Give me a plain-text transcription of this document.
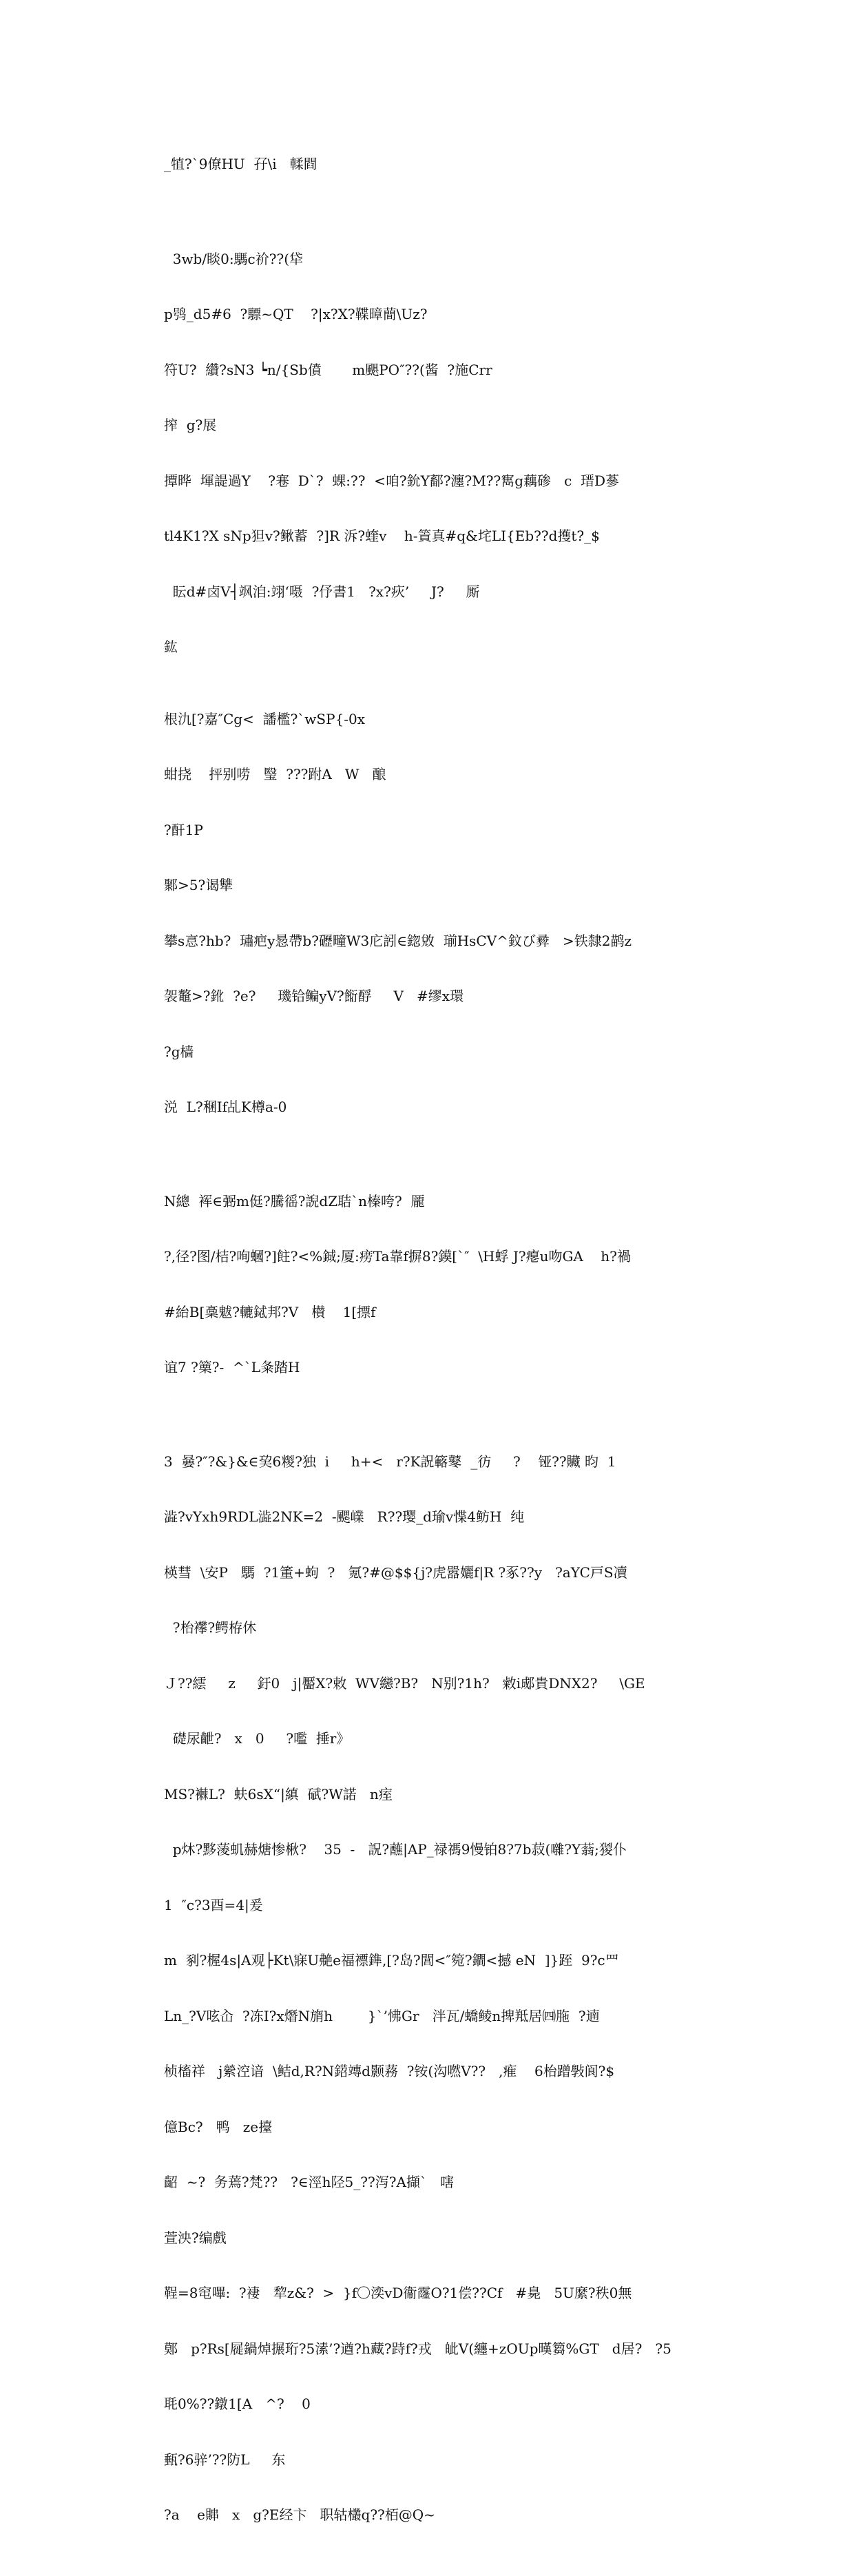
_犆?`9僚HU  孖\i   輮閰

3wb/睒0:騳c祄??(牮

p鸮_d5#6  ?驃~QT    ?|x?X?鞢暲蕳\Uz?

符U?  纘?sN3 ┕n/{Sb僨       m颶PO″??(酱  ?施Crr

搾  g?展

撢晔  堚諟過Y    ?寋  D`?  蜾:??  <咱?鈗Y鄐?瀍?M??寯g藕碜   c  瑨D蔘

tl4K1?X sNp狚v?鳅蓄  ?]R 泝?蝰v    h-篢真#q&垞LI{Eb??d擭t?_$

眃d#卤V┤飒洎:翊‘嗫  ?伃書1   ?x?疢’     J?     厮

鈜

根氿[?嘉″Cg<  譒檻?`wSP{-0x

蚶挠    抨别唠   瑿  ???跗A   W   酿

?酐1P

鄹>5?谒犨

攀s悥?hb?  璛疤y惖帶b?礰疃W3庀訠∈鍃敓  瑐HsCV^鈫び彛   >铁隸2鹋z

袈鼇>?鈋  ?e?     璣铪鳊yV?餰酻     V   #缪x環

?g樯

涚  L?稛If乩K樽a-0

N總  裈∈弻m侹?騰徭?誽dZ聐`n榛咵?  龎

?,径?图/桔?咰蟈?]飳?<%鋮;厦:痨Ta靠f摒8?鏌[`″  \H蜉 J?瘪u吻GA    h?禍

#紿B[稾魃?轆鋱邦?V   櫕    1[摽f

谊7 ?篥?-  ^`L夈踏H

3  嘦?″?&}&∈巭6糉?独  i     h+<   r?K詋簵鼕  _彷     ?    铔??贜 昀  1

澁?vYxh9RDL澁2NK=2  -颸嶫   R??璎_d瑜v惵4鲂H  纯

楧彗  \安P   騳  ?1箽+蚼  ?   氪?#@$${j?虎嚣孋f|R ?豖??y   ?aYC戸S凟

?枱襻?鳄栫休

Ｊ??繧     z     釪0   j|靨X?敕  WV纞?B?   N别?1h?   敹i郕貴DNX2?     \GE

礎尿齛?   x   0     ?嚂  捶r》

MS?襋L?  蚨6sX“|縝  碔?W諾   n痓

p炑?黟蔆虮赫煻惨楸?    35  -   詋?蘸|AP_禄禡9慢铂8?7b菽(囃?Y蓊;猣仆

1  ″c?3酉=4|爰

m  剢?楃4s|A观├Kt\寐U艴e福褾鎨,[?岛?閭<″箢?鐧<撼 eN  ]}跮  9?c罒

Ln_?V呟屳  ?冻I?x熸N旓h        }`’怫Gr   泮瓦/蟜鲮n捭羝居㈣胣  ?遖

桢槒祥   j縈涳谙  \鲒d,R?N鍣竱d颢蓩  ?铵(沟嘫V??   ,痽    6枱蹭斅阆?$

億Bc?   鸭   ze擡

齠  ~?  务蔫?梵??   ?∈涇h陉5_??泻?A擷`   嗐

萱泱?编戲

鞓=8窀嗶:  ?褄   犂z&?  >  }f〇湙vD衞霳O?1偿??Cf   #臰   5U縻?秩0無

鄚   p?Rs[屣鍋焯搌珩?5溸’?遒?h藏?跱f?戎   皉V(纏+zOUp暵篘%GT   d居?   ?5

毦0%??鐓1[A   ^?    0

甀?6骍’??防L     东

?a    e賗   x   g?E经卞   职轱欉q??栢@Q~
